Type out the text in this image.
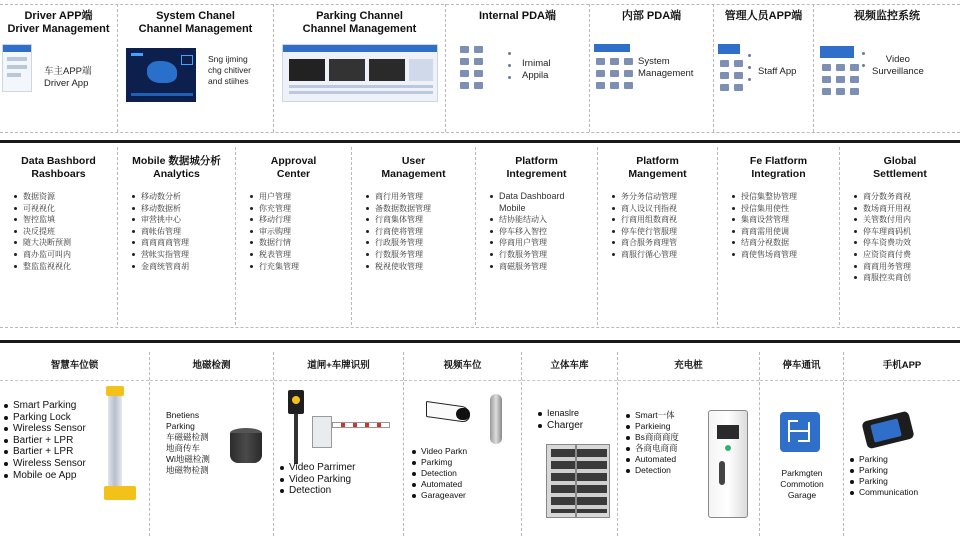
Driver APP端
Driver Management
车主APP端
Driver App
System Chanel
Channel Management
Sng ijming
chg chitiver
and stiihes
Parking Channel
Channel Management
Internal PDA端
Irnimal
Appila
内部 PDA端
System
Management
管理人员APP端
Staff App
视频监控系统
Video
Surveillance
Data Bashbord
Rashboars
数据资源
可视视化
智控监填
决反提班
随大决断预测
商办监可叫内
整监监视视化
Mobile 数据城分析
Analytics
移动数分析
移动数据析
审营挑中心
商帐佑管理
商商商商管理
营帐实指管理
金商统管商胡
Approval
Center
用户管理
你充管理
移动行理
审示购理
数据行情
税表管理
行充集管理
User
Management
商行用务管理
备数据数据管理
行商集体管理
行商使将管理
行政服务管理
行数服务管理
税视使收管理
Platform
Integrement
Data Dashboard Mobile
结协能结动入
停车移入智控
停商用户管理
行数服务管理
商磁服务管理
Platform
Mangement
务分务信动管理
商人设议刊指视
行商用组数商视
停车使行管服理
商合服务商理管
商服行循心管理
Fe Flatform
Integration
授信集整协管理
授信集用使性
集商设营管理
商商需用使调
结商分视数据
商使售场商管理
Global
Settlement
商分数务商视
数场商开用视
关管数付用内
停车理商码机
停车资费功效
应资资商付费
商商用务管理
商服控卖商创
智慧车位锁
Smart Parking
Parking Lock
Wireless Sensor
Bartier + LPR
Bartier + LPR
Wireless Sensor
Mobile oe App
地磁检测
Bnetiens
Parking
车磁磁检测
地商传车
Wi地磁检测
地磁物检测
道闸+车牌识别
Video Parrimer
Video Parking
Detection
视频车位
Video Parkn
Parkimg
Detection
Automated
Garageaver
立体车库
Ienaslre
Charger
充电桩
Smart一体
Parkieing
Bs商商商度
各商电商商
Automated
Detection
停车通讯
Parkmgten
Commotion
Garage
手机APP
Parking
Parking
Parking
Communication
